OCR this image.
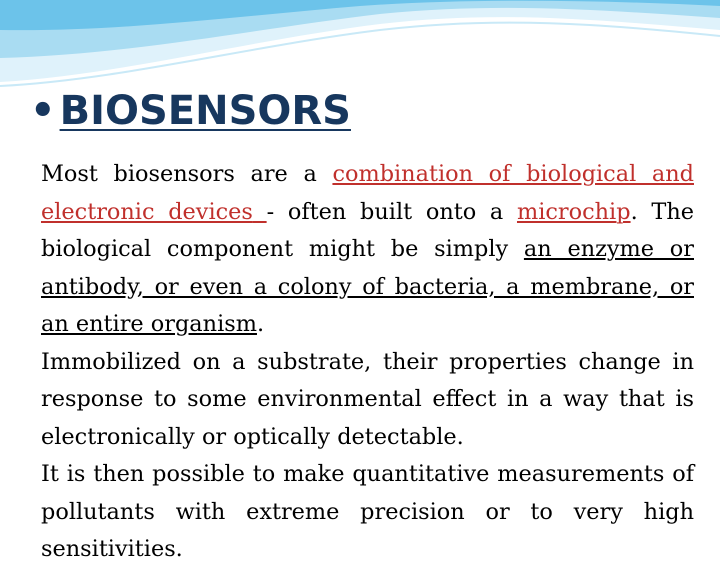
• BIOSENSORS

Most biosensors are a combination of biological and electronic devices - often built onto a microchip. The biological component might be simply an enzyme or antibody, or even a colony of bacteria, a membrane, or an entire organism.

Immobilized on a substrate, their properties change in response to some environmental effect in a way that is electronically or optically detectable.

It is then possible to make quantitative measurements of pollutants with extreme precision or to very high sensitivities.
